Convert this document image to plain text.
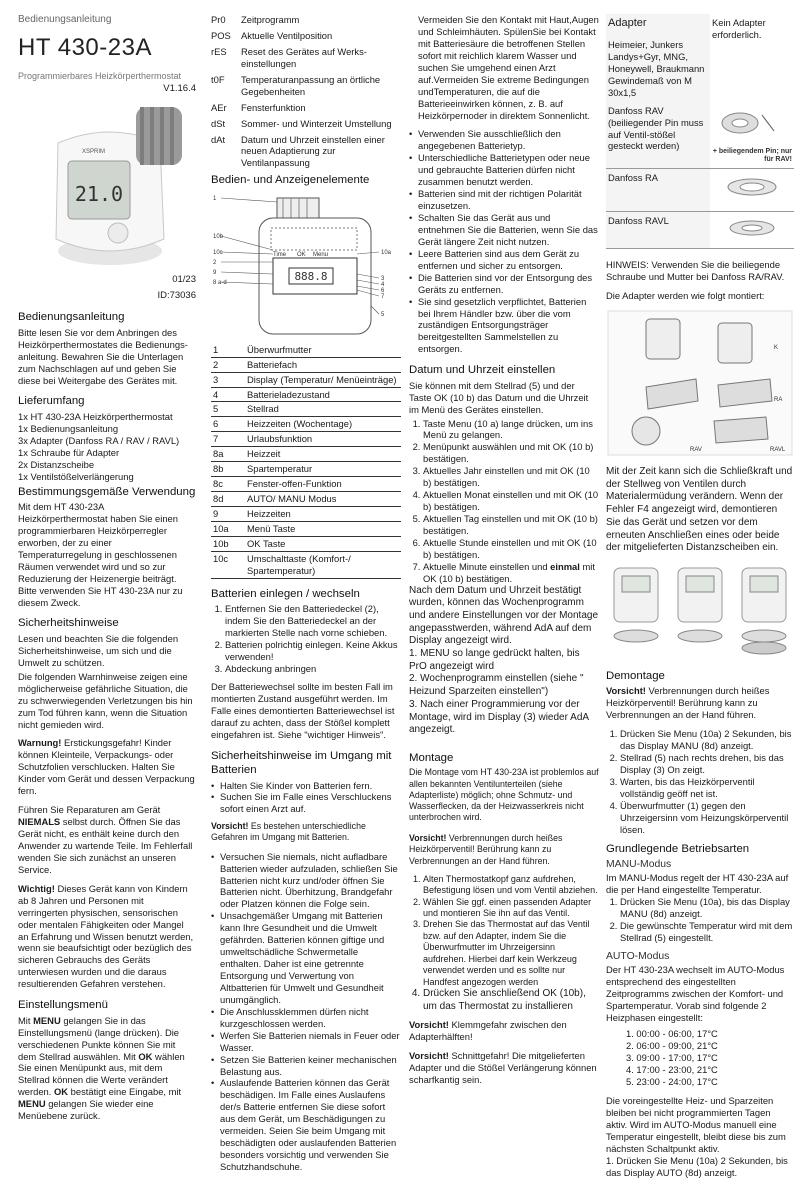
Bedienungsanleitung
HT 430-23A
Programmierbares Heizkörperthermostat
V1.16.4
21.0
XSPRIM
01/23
ID:73036
Bedienungsanleitung

Bitte lesen Sie vor dem Anbringen des Heizkörperthermostates die Bedienungs-anleitung. Bewahren Sie die Unterlagen zum Nachschlagen auf und geben Sie diese bei Weitergabe des Gerätes mit.

Lieferumfang
1x HT 430-23A Heizkörperthermostat
1x Bedienungsanleitung
3x Adapter (Danfoss RA / RAV / RAVL)
1x Schraube für Adapter
2x Distanzscheibe
1x Ventilstößelverlängerung
Bestimmungsgemäße Verwendung

Mit dem HT 430-23A Heizkörperthermostat haben Sie einen programmierbaren Heizkörperregler erworben, der zu einer Temperaturregelung in geschlossenen Räumen verwendet wird und so zur Reduzierung der Heizenergie beiträgt. Bitte verwenden Sie HT 430-23A nur zu diesem Zweck.

Sicherheitshinweise

Lesen und beachten Sie die folgenden Sicherheitshinweise, um sich und die Umwelt zu schützen.

Die folgenden Warnhinweise zeigen eine möglicherweise gefährliche Situation, die zu schwerwiegenden Verletzungen bis hin zum Tod führen kann, wenn die Situation nicht gemieden wird.

Warnung! Erstickungsgefahr! Kinder können Kleinteile, Verpackungs- oder Schutzfolien verschlucken. Halten Sie Kinder vom Gerät und dessen Verpackung fern.

Führen Sie Reparaturen am Gerät NIEMALS selbst durch. Öffnen Sie das Gerät nicht, es enthält keine durch den Anwender zu wartende Teile. Im Fehlerfall wenden Sie sich zunächst an unseren Service.

Wichtig! Dieses Gerät kann von Kindern ab 8 Jahren und Personen mit verringerten physischen, sensorischen oder mentalen Fähigkeiten oder Mangel an Erfahrung und Wissen benutzt werden, wenn sie beaufsichtigt oder bezüglich des sicheren Gebrauchs des Geräts unterwiesen wurden und die daraus resultierenden Gefahren verstehen.

Einstellungsmenü

Mit MENU gelangen Sie in das Einstellungsmenü (lange drücken). Die verschiedenen Punkte können Sie mit dem Stellrad auswählen. Mit OK wählen Sie einen Menüpunkt aus, mit dem Stellrad können die Werte verändert werden. OK bestätigt eine Eingabe, mit MENU gelangen Sie wieder eine Menüebene zurück.

Pr0	Zeitprogramm
POS	Aktuelle Ventilposition
rES	Reset des Gerätes auf Werks-einstellungen
t0F	Temperaturanpassung an örtliche Gegebenheiten
AEr	Fensterfunktion
dSt	Sommer- und Winterzeit Umstellung
dAt	Datum und Uhrzeit einstellen einer neuen Adaptierung zur Ventilanpassung
Bedien- und Anzeigenelemente
888.8
Time OK Menu
1
10b
10c
2
9
8 a-d
10a
3
4
6
7
5
1	Überwurfmutter
2	Batteriefach
3	Display (Temperatur/ Menüeinträge)
4	Batterieladezustand
5	Stellrad
6	Heizzeiten (Wochentage)
7	Urlaubsfunktion
8a	Heizzeit
8b	Spartemperatur
8c	Fenster-offen-Funktion
8d	AUTO/ MANU Modus
9	Heizzeiten
10a	Menü Taste
10b	OK Taste
10c	Umschalttaste (Komfort-/ Spartemperatur)
Batterien einlegen / wechseln
1. Entfernen Sie den Batteriedeckel (2), indem Sie den Batteriedeckel an der markierten Stelle nach vorne schieben.
2. Batterien polrichtig einlegen. Keine Akkus verwenden!
3. Abdeckung anbringen

Der Batteriewechsel sollte im besten Fall im montierten Zustand ausgeführt werden. Im Falle eines demontierten Batteriewechsel ist darauf zu achten, dass der Stößel komplett eingefahren ist. Siehe "wichtiger Hinweis".

Sicherheitshinweise im Umgang mit Batterien
• Halten Sie Kinder von Batterien fern.
• Suchen Sie im Falle eines Verschluckens sofort einen Arzt auf.

Vorsicht! Es bestehen unterschiedliche Gefahren im Umgang mit Batterien.

• Versuchen Sie niemals, nicht aufladbare Batterien wieder aufzuladen, schließen Sie Batterien nicht kurz und/oder öffnen Sie Batterien nicht. Überhitzung, Brandgefahr oder Platzen können die Folge sein.
• Unsachgemäßer Umgang mit Batterien kann Ihre Gesundheit und die Umwelt gefährden. Batterien können giftige und umweltschädliche Schwermetalle enthalten. Daher ist eine getrennte Entsorgung und Verwertung von Altbatterien für Umwelt und Gesundheit unumgänglich.
• Die Anschlussklemmen dürfen nicht kurzgeschlossen werden.
• Werfen Sie Batterien niemals in Feuer oder Wasser.
• Setzen Sie Batterien keiner mechanischen Belastung aus.
• Auslaufende Batterien können das Gerät beschädigen. Im Falle eines Auslaufens der/s Batterie entfernen Sie diese sofort aus dem Gerät, um Beschädigungen zu vermeiden. Seien Sie beim Umgang mit beschädigten oder auslaufenden Batterien besonders vorsichtig und verwenden Sie Schutzhandschuhe.

Vermeiden Sie den Kontakt mit Haut,Augen und Schleimhäuten. SpülenSie bei Kontakt mit Batteriesäure die betroffenen Stellen sofort mit reichlich klarem Wasser und suchen Sie umgehend einen Arzt auf.Vermeiden Sie extreme Bedingungen undTemperaturen, die auf die Batterieeinwirken können, z. B. auf Heizkörpernoder in direktem Sonnenlicht.

• Verwenden Sie ausschließlich den angegebenen Batterietyp.
• Unterschiedliche Batterietypen oder neue und gebrauchte Batterien dürfen nicht zusammen benutzt werden.
• Batterien sind mit der richtigen Polarität einzusetzen.
• Schalten Sie das Gerät aus und entnehmen Sie die Batterien, wenn Sie das Gerät längere Zeit nicht nutzen.
• Leere Batterien sind aus dem Gerät zu entfernen und sicher zu entsorgen.
• Die Batterien sind vor der Entsorgung des Geräts zu entfernen.
• Sie sind gesetzlich verpflichtet, Batterien bei Ihrem Händler bzw. über die vom zuständigen Entsorgungsträger bereitgestellten Sammelstellen zu entsorgen.
Datum und Uhrzeit einstellen

Sie können mit dem Stellrad (5) und der Taste OK (10 b) das Datum und die Uhrzeit im Menü des Gerätes einstellen.

1. Taste Menu (10 a) lange drücken, um ins Menü zu gelangen.
2. Menüpunkt auswählen und mit OK (10 b) bestätigen.
3. Aktuelles Jahr einstellen und mit OK (10 b) bestätigen.
4. Aktuellen Monat einstellen und mit OK (10 b) bestätigen.
5. Aktuellen Tag einstellen und mit OK (10 b) bestätigen.
6. Aktuelle Stunde einstellen und mit OK (10 b) bestätigen.
7. Aktuelle Minute einstellen und einmal mit OK (10 b) bestätigen.

Nach dem Datum und Uhrzeit bestätigt wurden, können das Wochenprogramm und andere Einstellungen vor der Montage angepasstwerden, während AdA auf dem Display angezeigt wird.

1. MENU so lange gedrückt halten, bis PrO angezeigt wird

2. Wochenprogramm einstellen (siehe " Heizund Sparzeiten einstellen")

3. Nach einer Programmierung vor der Montage, wird im Display (3) wieder AdA angezeigt.

Montage

Die Montage vom HT 430-23A ist problemlos auf allen bekannten Ventilunterteilen (siehe Adapterliste) möglich; ohne Schmutz- und Wasserflecken, da der Heizwasserkreis nicht unterbrochen wird.

Vorsicht! Verbrennungen durch heißes Heizkörperventil! Berührung kann zu Verbrennungen an der Hand führen.

1. Alten Thermostatkopf ganz aufdrehen, Befestigung lösen und vom Ventil abziehen.
2. Wählen Sie ggf. einen passenden Adapter und montieren Sie ihn auf das Ventil.
3. Drehen Sie das Thermostat auf das Ventil bzw. auf den Adapter, indem Sie die Überwurfmutter im Uhrzeigersinn aufdrehen. Hierbei darf kein Werkzeug verwendet werden und es sollte nur Handfest angezogen werden
4. Drücken Sie anschließend OK (10b), um das Thermostat zu installieren

Vorsicht! Klemmgefahr zwischen den Adapterhälften!

Vorsicht! Schnittgefahr! Die mitgelieferten Adapter und die Stößel Verlängerung können scharfkantig sein.

Adapter
Heimeier, Junkers Landys+Gyr, MNG, Honeywell, Braukmann Gewindemaß von M 30x1,5	Kein Adapter erforderlich.
Danfoss RAV (beiliegender Pin muss auf Ventil-stößel gesteckt werden)	+ beiliegendem Pin; nur für RAV!

Danfoss RA	
Danfoss RAVL	

HINWEIS: Verwenden Sie die beiliegende Schraube und Mutter bei Danfoss RA/RAV.

Die Adapter werden wie folgt montiert:

K
RA
RAV	RAVL

Mit der Zeit kann sich die Schließkraft und der Stellweg von Ventilen durch Materialermüdung verändern. Wenn der Fehler F4 angezeigt wird, demontieren Sie das Gerät und setzen vor dem erneuten Anschließen eines oder beide der mitgelieferten Distanzscheiben ein.

Demontage

Vorsicht! Verbrennungen durch heißes Heizkörperventil! Berührung kann zu Verbrennungen an der Hand führen.

1. Drücken Sie Menu (10a) 2 Sekunden, bis das Display MANU (8d) anzeigt.
2. Stellrad (5) nach rechts drehen, bis das Display (3) On zeigt.
3. Warten, bis das Heizkörperventil vollständig geöff net ist.
4. Überwurfmutter (1) gegen den Uhrzeigersinn vom Heizungskörperventil lösen.
Grundlegende Betriebsarten
MANU-Modus

Im MANU-Modus regelt der HT 430-23A auf die per Hand eingestellte Temperatur.

1. Drücken Sie Menu (10a), bis das Display MANU (8d) anzeigt.
2. Die gewünschte Temperatur wird mit dem Stellrad (5) eingestellt.
AUTO-Modus

Der HT 430-23A wechselt im AUTO-Modus entsprechend des eingestellten Zeitprogramms zwischen der Komfort- und Spartemperatur. Vorab sind folgende 2 Heizphasen eingestellt:

1. 00:00 - 06:00, 17°C
2. 06:00 - 09:00, 21°C
3. 09:00 - 17:00, 17°C
4. 17:00 - 23:00, 21°C
5. 23:00 - 24:00, 17°C

Die voreingestellte Heiz- und Sparzeiten bleiben bei nicht programmierten Tagen aktiv. Wird im AUTO-Modus manuell eine Temperatur eingestellt, bleibt diese bis zum nächsten Schaltpunkt aktiv.

1. Drücken Sie Menu (10a) 2 Sekunden, bis das Display AUTO (8d) anzeigt.
